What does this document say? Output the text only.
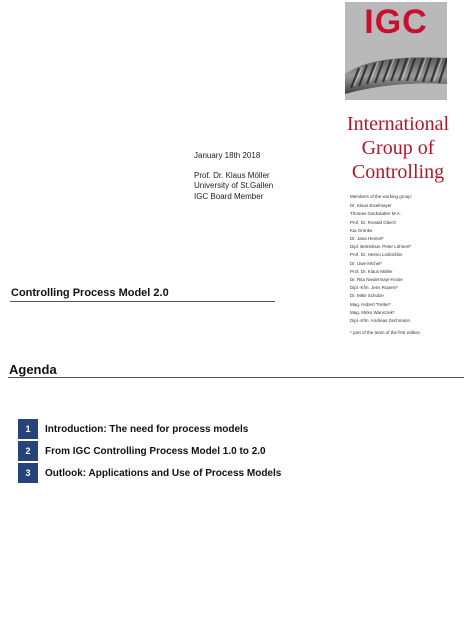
IGC
International
Group of
Controlling
January 18th 2018
Prof. Dr. Klaus Möller
University of St.Gallen
IGC Board Member	Members of the working group:
Dr. Klaus Eiselmayer
Thomas Gackstatter M.A.
Prof. Dr. Ronald Gleich
Kai Grönke
Dr. Jana Heimel*
Dipl. Betriebsw. Peter Löhnert*
Prof. Dr. Heimo Losbichler
Dr. Uwe Michel*
Prof. Dr. Klaus Möller
Dr. Rita Niedermayr-Kruse
Dipl.-Kfm. Jens Ropers*
Dr. Mike Schulze
Mag. Hubert Tretter*
Mag. Mirko Waniczek*
Dipl.-Kfm. Andreas Zechmann
* part of the team of the first edition
Controlling Process Model 2.0
Agenda
1	Introduction: The need for process models
2	From IGC Controlling Process Model 1.0 to 2.0
3	Outlook: Applications and Use of Process Models
